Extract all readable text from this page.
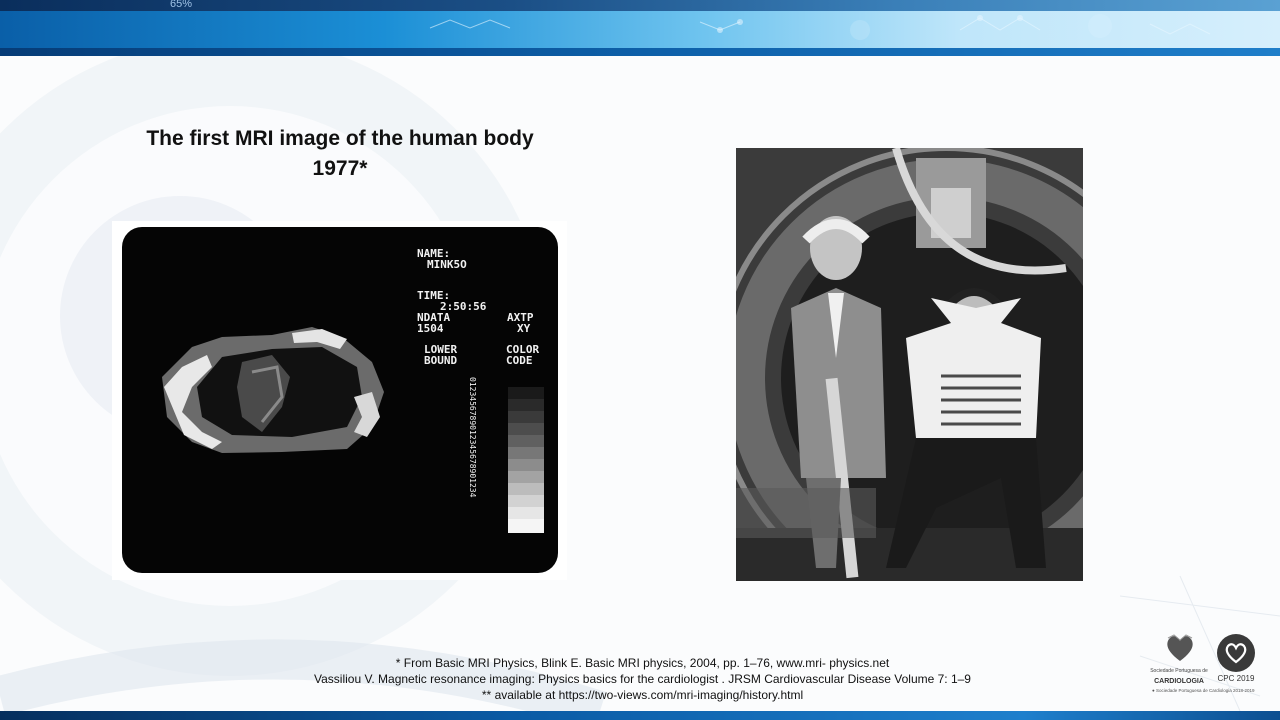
65%
The first MRI image of the human body
1977*
NAME:
MINK5O
TIME:
2:50:56
NDATA	AXTP
1504	XY
LOWER	COLOR
BOUND	CODE
0123456789012345678901234
* From Basic MRI Physics, Blink E. Basic MRI physics, 2004, pp. 1–76, www.mri- physics.net
Vassiliou V. Magnetic resonance imaging: Physics basics for the cardiologist . JRSM Cardiovascular Disease Volume 7: 1–9
** available at https://two-views.com/mri-imaging/history.html
Sociedade Portuguesa de
CARDIOLOGIA	CPC 2019
● Sociedade Portuguesa de Cardiologia 2018-2019
